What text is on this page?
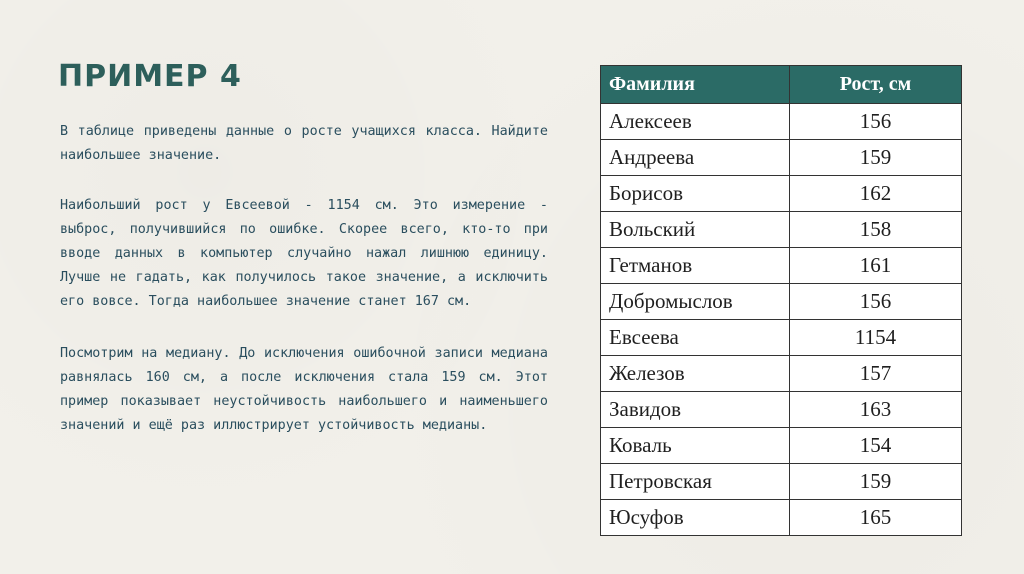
ПРИМЕР 4

В таблице приведены данные о росте учащихся класса. Найдите наибольшее значение.

Наибольший рост у Евсеевой - 1154 см. Это измерение - выброс, получившийся по ошибке. Скорее всего, кто-то при вводе данных в компьютер случайно нажал лишнюю единицу. Лучше не гадать, как получилось такое значение, а исключить его вовсе. Тогда наибольшее значение станет 167 см.

Посмотрим на медиану. До исключения ошибочной записи медиана равнялась 160 см, а после исключения стала 159 см. Этот пример показывает неустойчивость наибольшего и наименьшего значений и ещё раз иллюстрирует устойчивость медианы.

Фамилия	Рост, см
Алексеев	156
Андреева	159
Борисов	162
Вольский	158
Гетманов	161
Добромыслов	156
Евсеева	1154
Железов	157
Завидов	163
Коваль	154
Петровская	159
Юсуфов	165
